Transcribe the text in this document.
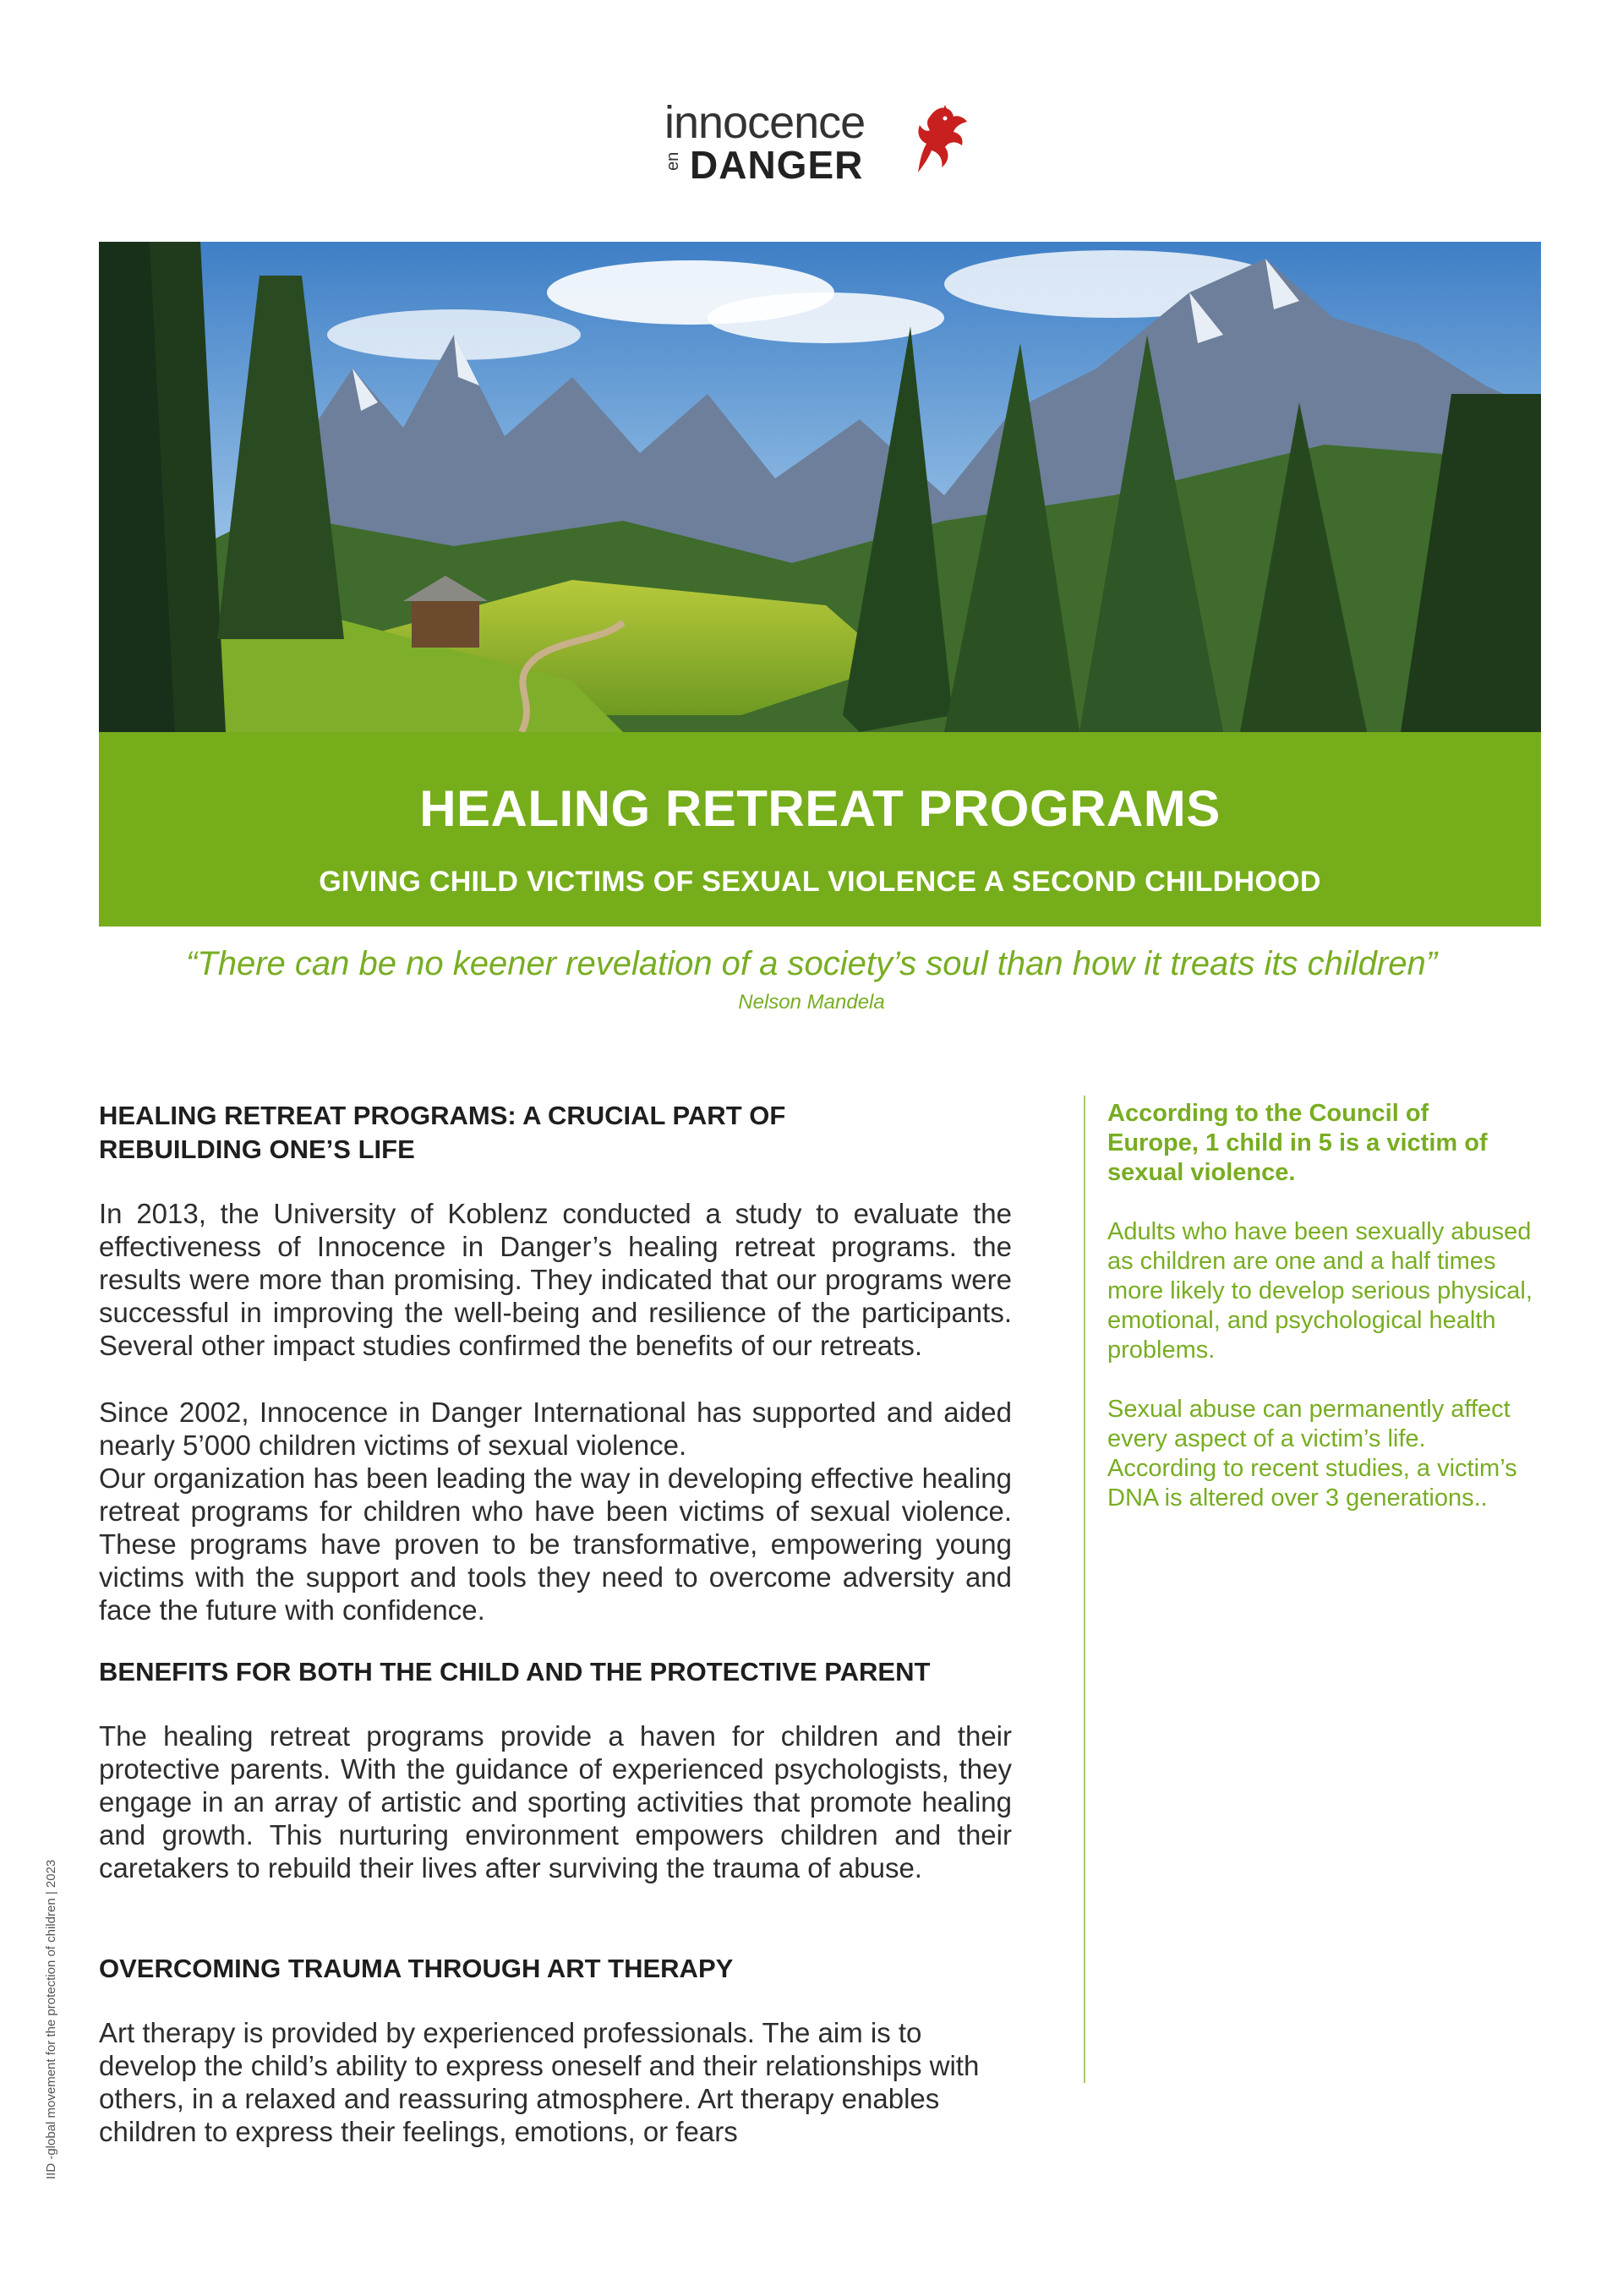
innocence
en DANGER
HEALING RETREAT PROGRAMS
GIVING CHILD VICTIMS OF SEXUAL VIOLENCE A SECOND CHILDHOOD
“There can be no keener revelation of a society’s soul than how it treats its children”
Nelson Mandela
HEALING RETREAT PROGRAMS: A CRUCIAL PART OF REBUILDING ONE’S LIFE

In 2013, the University of Koblenz conducted a study to evaluate the effectiveness of Innocence in Danger’s healing retreat programs. the results were more than promising. They indicated that our programs were successful in improving the well-being and resilience of the participants. Several other impact studies confirmed the benefits of our retreats.

Since 2002, Innocence in Danger International has supported and aided nearly 5’000 children victims of sexual violence.

Our organization has been leading the way in developing effective healing retreat programs for children who have been victims of sexual violence. These programs have proven to be transformative, empowering young victims with the support and tools they need to overcome adversity and face the future with confidence.

BENEFITS FOR BOTH THE CHILD AND THE PROTECTIVE PARENT

The healing retreat programs provide a haven for children and their protective parents. With the guidance of experienced psychologists, they engage in an array of artistic and sporting activities that promote healing and growth. This nurturing environment empowers children and their caretakers to rebuild their lives after surviving the trauma of abuse.

OVERCOMING TRAUMA THROUGH ART THERAPY

Art therapy is provided by experienced professionals. The aim is to develop the child’s ability to express oneself and their relationships with others, in a relaxed and reassuring atmosphere. Art therapy enables children to express their feelings, emotions, or fears

According to the Council of Europe, 1 child in 5 is a victim of sexual violence.

Adults who have been sexually abused as children are one and a half times more likely to develop serious physical, emotional, and psychological health problems.

Sexual abuse can permanently affect every aspect of a victim’s life.

According to recent studies, a victim’s DNA is altered over 3 generations..

IID -global movement for the protection of children | 2023
